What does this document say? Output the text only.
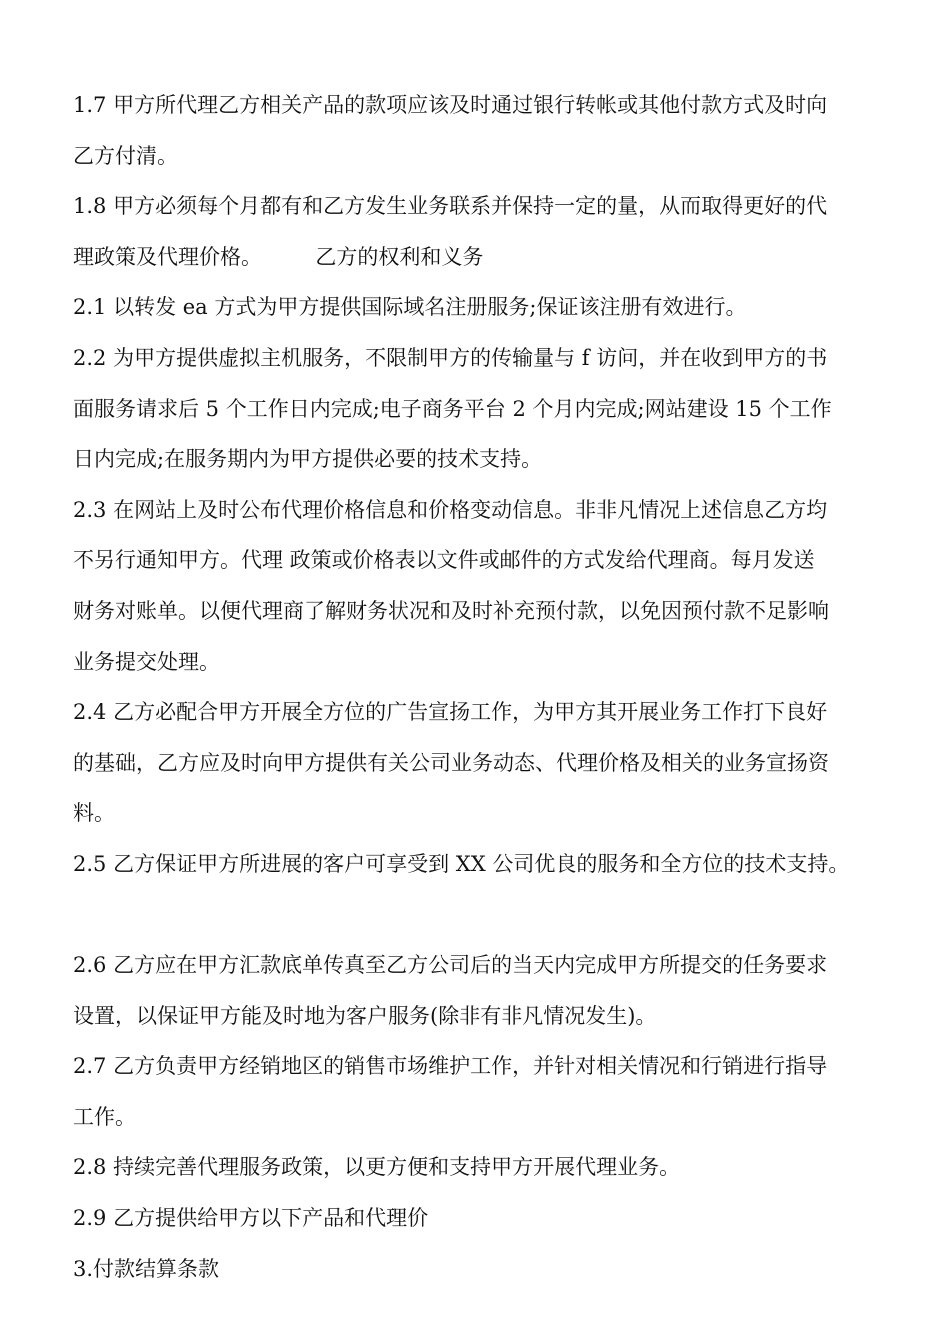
1.7 甲方所代理乙方相关产品的款项应该及时通过银行转帐或其他付款方式及时向
乙方付清。
1.8 甲方必须每个月都有和乙方发生业务联系并保持一定的量，从而取得更好的代
理政策及代理价格。        乙方的权利和义务
2.1 以转发 ea 方式为甲方提供国际域名注册服务;保证该注册有效进行。
2.2 为甲方提供虚拟主机服务，不限制甲方的传输量与 f 访问，并在收到甲方的书
面服务请求后 5 个工作日内完成;电子商务平台 2 个月内完成;网站建设 15 个工作
日内完成;在服务期内为甲方提供必要的技术支持。
2.3 在网站上及时公布代理价格信息和价格变动信息。非非凡情况上述信息乙方均
不另行通知甲方。代理 政策或价格表以文件或邮件的方式发给代理商。每月发送
财务对账单。以便代理商了解财务状况和及时补充预付款，以免因预付款不足影响
业务提交处理。
2.4 乙方必配合甲方开展全方位的广告宣扬工作，为甲方其开展业务工作打下良好
的基础，乙方应及时向甲方提供有关公司业务动态、代理价格及相关的业务宣扬资
料。
2.5 乙方保证甲方所进展的客户可享受到 XX 公司优良的服务和全方位的技术支持。
2.6 乙方应在甲方汇款底单传真至乙方公司后的当天内完成甲方所提交的任务要求
设置，以保证甲方能及时地为客户服务(除非有非凡情况发生)。
2.7 乙方负责甲方经销地区的销售市场维护工作，并针对相关情况和行销进行指导
工作。
2.8 持续完善代理服务政策，以更方便和支持甲方开展代理业务。
2.9 乙方提供给甲方以下产品和代理价
3.付款结算条款
